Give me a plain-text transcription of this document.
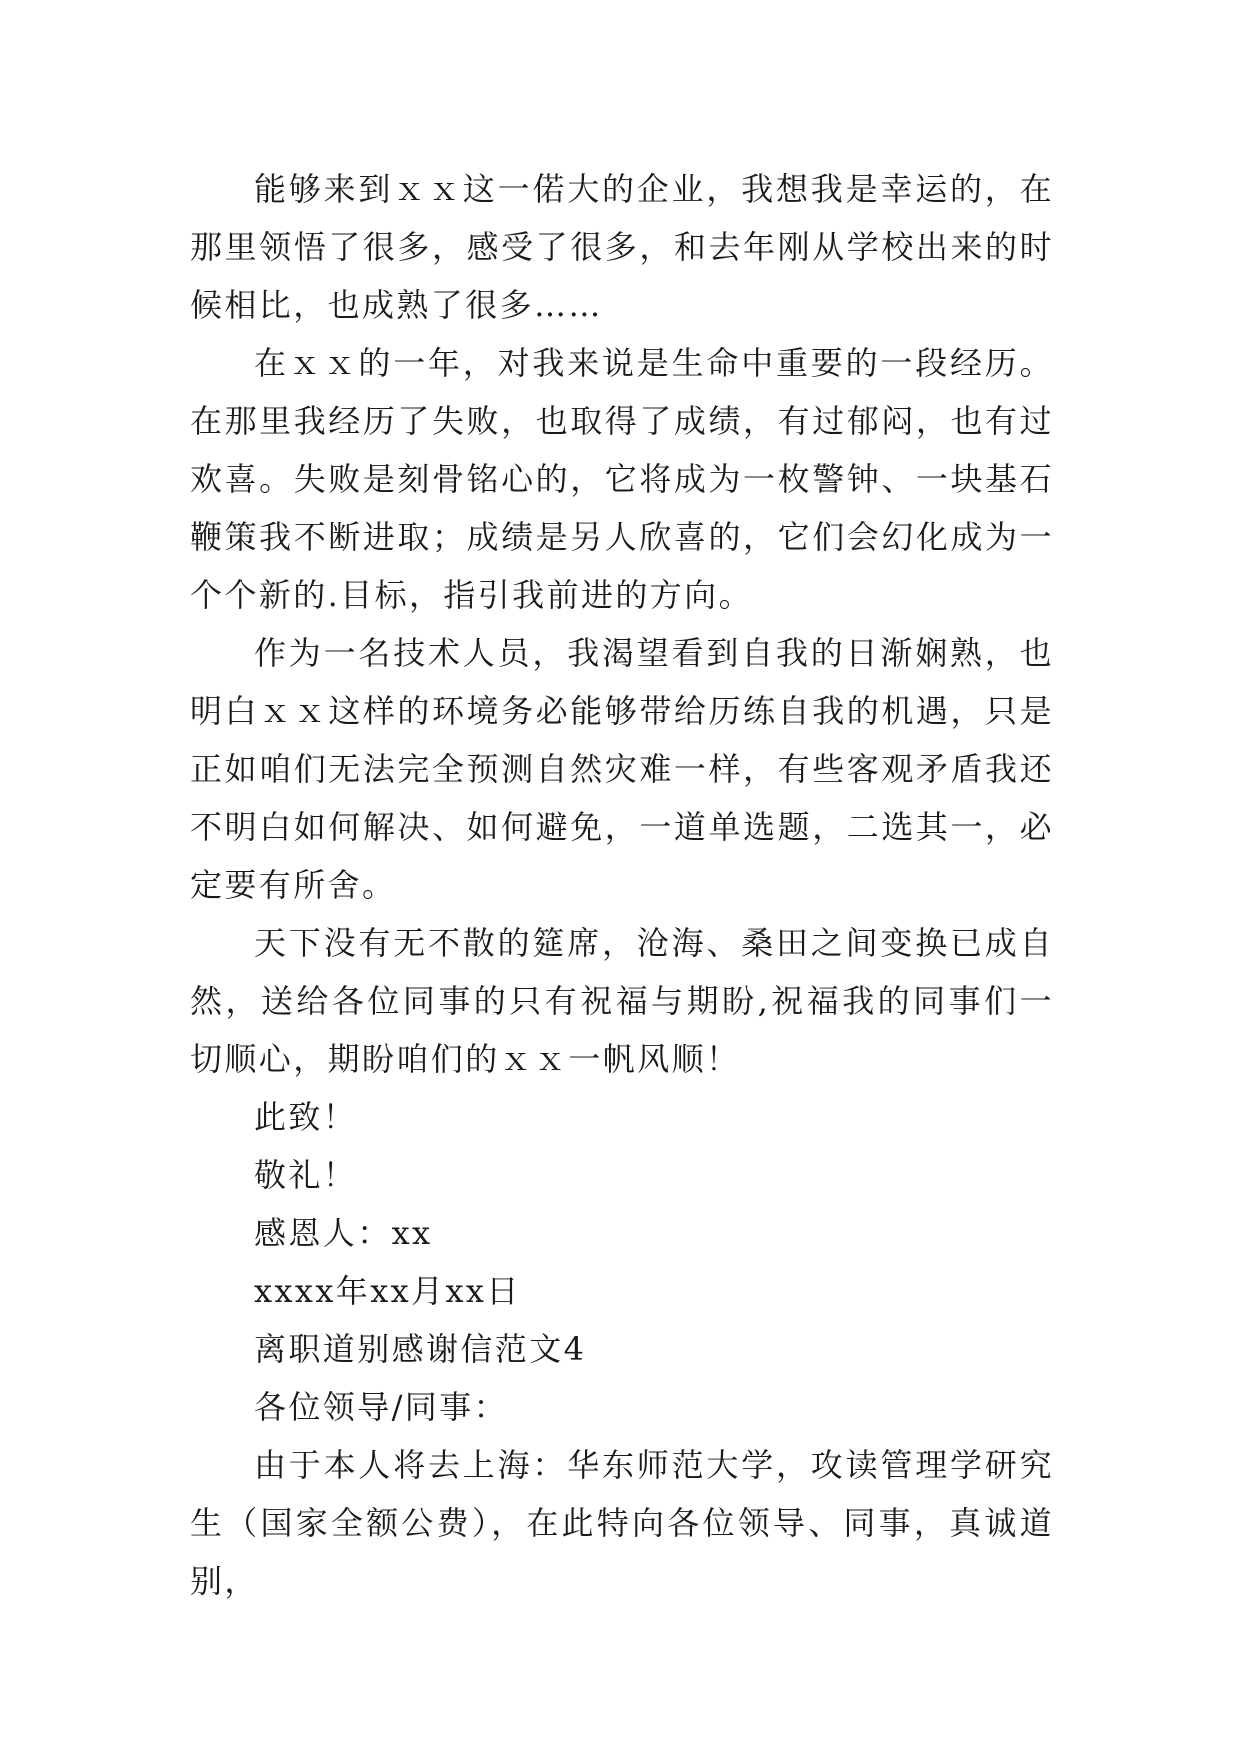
能够来到ｘｘ这一偌大的企业，我想我是幸运的，在那里领悟了很多，感受了很多，和去年刚从学校出来的时候相比，也成熟了很多……

在ｘｘ的一年，对我来说是生命中重要的一段经历。在那里我经历了失败，也取得了成绩，有过郁闷，也有过欢喜。失败是刻骨铭心的，它将成为一枚警钟、一块基石鞭策我不断进取；成绩是另人欣喜的，它们会幻化成为一个个新的.目标，指引我前进的方向。

作为一名技术人员，我渴望看到自我的日渐娴熟，也明白ｘｘ这样的环境务必能够带给历练自我的机遇，只是正如咱们无法完全预测自然灾难一样，有些客观矛盾我还不明白如何解决、如何避免，一道单选题，二选其一，必定要有所舍。

天下没有无不散的筵席，沧海、桑田之间变换已成自然，送给各位同事的只有祝福与期盼,祝福我的同事们一切顺心，期盼咱们的ｘｘ一帆风顺！

此致！

敬礼！

感恩人：xx

xxxx年xx月xx日

离职道别感谢信范文4

各位领导/同事：

由于本人将去上海：华东师范大学，攻读管理学研究生（国家全额公费），在此特向各位领导、同事，真诚道别，
